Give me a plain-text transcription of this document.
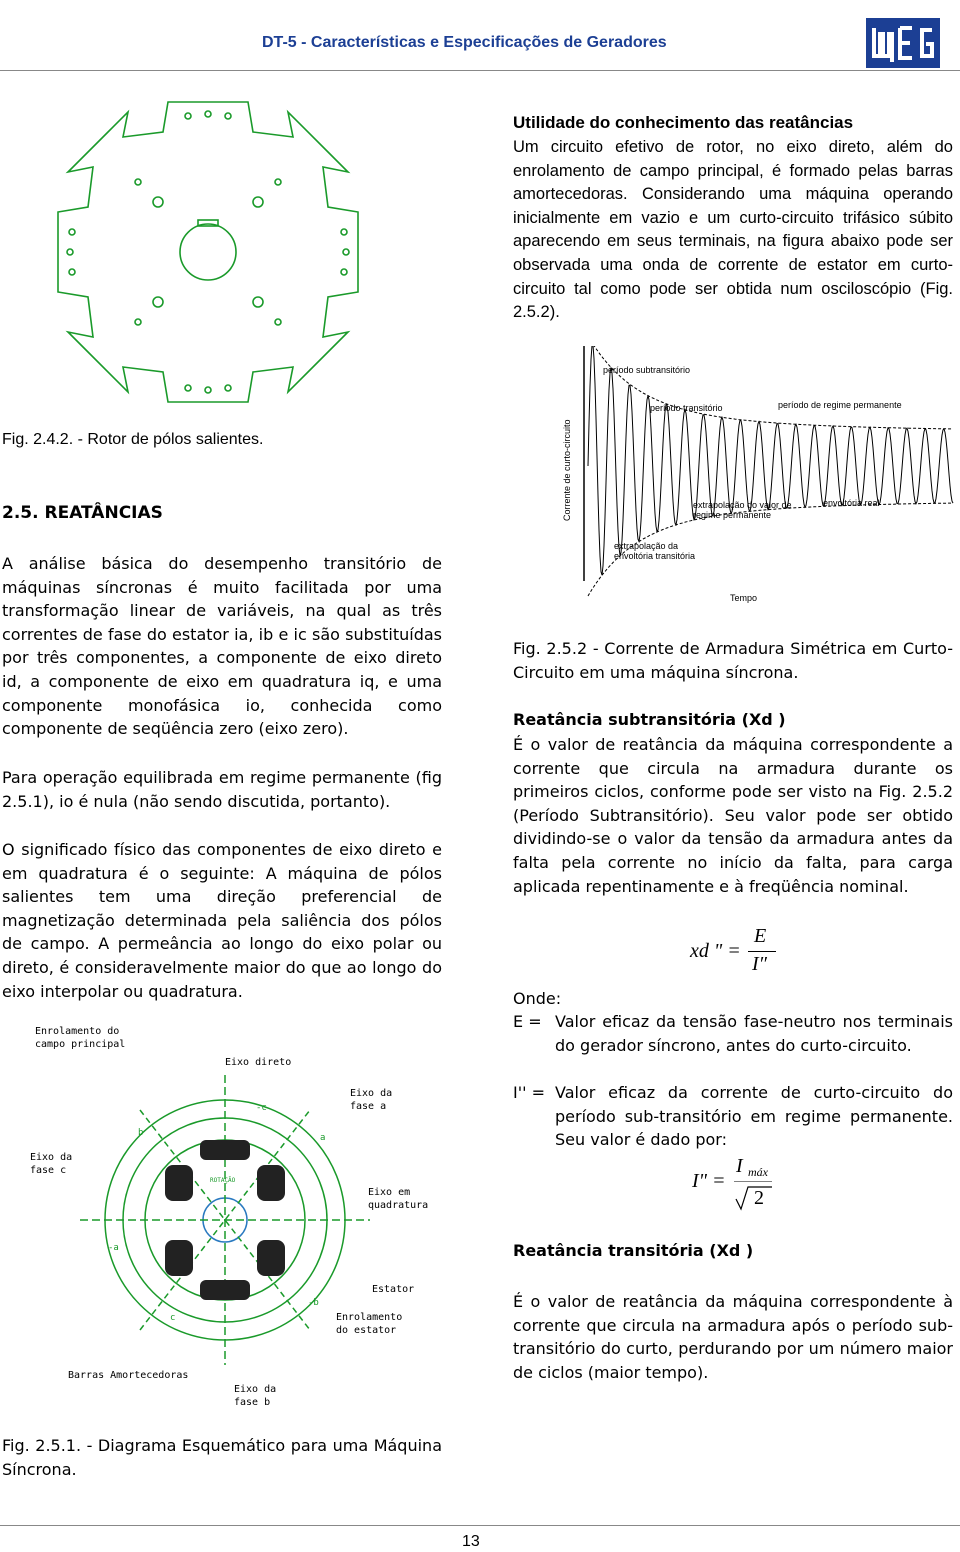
DT-5 - Características e Especificações de Geradores

Fig. 2.4.2. - Rotor de pólos salientes.

2.5. REATÂNCIAS

A análise básica do desempenho transitório de máquinas síncronas é muito facilitada por uma transformação linear de variáveis, na qual as três correntes de fase do estator ia, ib e ic são substituídas por três componentes, a componente de eixo direto id, a componente de eixo em quadratura iq, e uma componente monofásica io, conhecida como componente de seqüência zero (eixo zero).

Para operação equilibrada em regime permanente (fig 2.5.1), io é nula (não sendo discutida, portanto).

O significado físico das componentes de eixo direto e em quadratura é o seguinte: A máquina de pólos salientes tem uma direção preferencial de magnetização determinada pela saliência dos pólos de campo. A permeância ao longo do eixo polar ou direto, é consideravelmente maior do que ao longo do eixo interpolar ou quadratura.

Enrolamento do
campo principal
Eixo direto
Eixo da
fase a
Eixo da
fase c
Eixo em
quadratura
ROTAÇÃO
Estator
Enrolamento
do estator
Barras Amortecedoras
Eixo da
fase b
-c
b	a
-a
-b
c

Fig. 2.5.1. - Diagrama Esquemático para uma Máquina Síncrona.

Utilidade do conhecimento das reatâncias

Um circuito efetivo de rotor, no eixo direto, além do enrolamento de campo principal, é formado pelas barras amortecedoras. Considerando uma máquina operando inicialmente em vazio e um curto-circuito trifásico súbito aparecendo em seus terminais, na figura abaixo pode ser observada uma onda de corrente de estator em curto-circuito tal como pode ser obtida num osciloscópio (Fig. 2.5.2).

período subtransitório
período transitório	período de regime permanente
Corrente de curto-circuito	extrapolação do valor de
regime permanente
envoltória real
extrapolação da
envoltória transitória
Tempo

Fig. 2.5.2 - Corrente de Armadura Simétrica em Curto-Circuito em uma máquina síncrona.

Reatância subtransitória (Xd )

É o valor de reatância da máquina correspondente a corrente que circula na armadura durante os primeiros ciclos, conforme pode ser visto na Fig. 2.5.2 (Período Subtransitório). Seu valor pode ser obtido dividindo-se o valor da tensão da armadura antes da falta pela corrente no início da falta, para carga aplicada repentinamente e à freqüência nominal.

xd " =
E
I″

Onde:

E = Valor eficaz da tensão fase-neutro nos terminais do gerador síncrono, antes do curto-circuito.
I'' = Valor eficaz da corrente de curto-circuito do período sub-transitório em regime permanente. Seu valor é dado por:
I" =
I máx
2

Reatância transitória (Xd )

É o valor de reatância da máquina correspondente à corrente que circula na armadura após o período sub-transitório do curto, perdurando por um número maior de ciclos (maior tempo).

13
